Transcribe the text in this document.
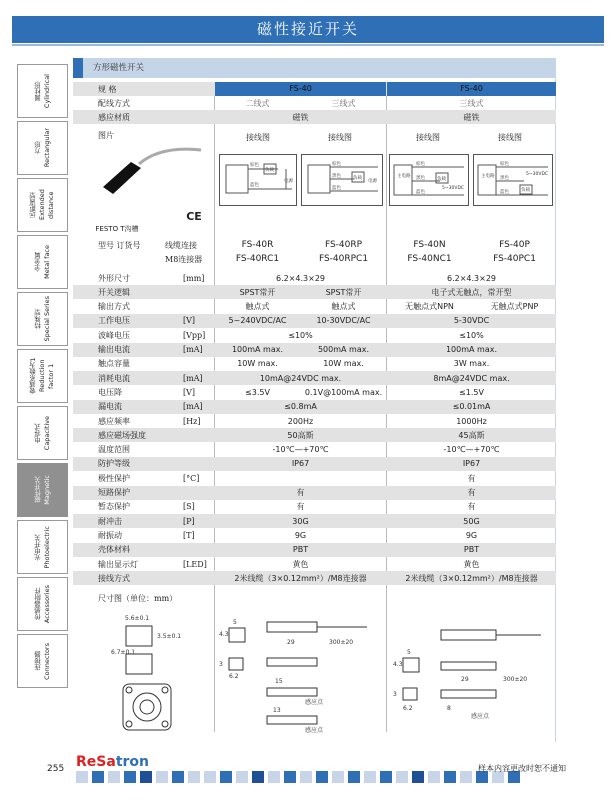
磁性接近开关
圆柱形
Cylindrical
方形
Rectangular
远距离型
Extended distance
全金属
Metal face
特殊型
Special Series
衰减系数为1
Reduction factor 1
电容式
Capacitive
磁性开关
Magnetic
光电开关
Photoelectric
传感器附件
Accessories
连接器
Connectors
方形磁性开关
规 格	FS-40	FS-40
配线方式	二线式	三线式	三线式
感应材质	磁铁	磁铁
图片	接线图	接线图	接线图	接线图
FESTO T沟槽
CE
棕色
蓝色
负载
电源
棕色
黑色
蓝色
负载
电源
主电路
棕色
黑色
蓝色
负载
5~30VDC
主电路
棕色
黑色
蓝色
5~30VDC
负载
型号 订货号	线缆连接	FS-40R	FS-40RP	FS-40N	FS-40P
M8连接器	FS-40RC1	FS-40RPC1	FS-40NC1	FS-40PC1
外形尺寸	[mm]	6.2×4.3×29	6.2×4.3×29
开关逻辑	SPST常开	SPST常开	电子式无触点，常开型
输出方式	触点式	触点式	无触点式NPN	无触点式PNP
工作电压	[V]	5~240VDC/AC	10-30VDC/AC	5-30VDC
波峰电压	[Vpp]	≤10%	≤10%
输出电流	[mA]	100mA max.	500mA max.	100mA max.
触点容量	10W max.	10W max.	3W max.
消耗电流	[mA]	10mA@24VDC max.	8mA@24VDC max.
电压降	[V]	≤3.5V	0.1V@100mA max.	≤1.5V
漏电流	[mA]	≤0.8mA	≤0.01mA
感应频率	[Hz]	200Hz	1000Hz
感应磁场强度	50高斯	45高斯
温度范围	-10℃—+70℃	-10℃—+70℃
防护等级	IP67	IP67
极性保护	[°C]	有
短路保护	有	有
暂态保护	[S]	有	有
耐冲击	[P]	30G	50G
耐振动	[T]	9G	9G
壳体材料	PBT	PBT
输出显示灯	[LED]	黄色	黄色
接线方式	2米线缆（3×0.12mm²）/M8连接器	2米线缆（3×0.12mm²）/M8连接器
尺寸图（单位：mm）
5.6±0.1
3.5±0.1
6.7±0.1
4.3
5
3
6.2
29	300±20
15
感应点
13
感应点
4.3
5
3
6.2
29	300±20
8
感应点
255 ReSatron	样本内容更改时恕不通知
